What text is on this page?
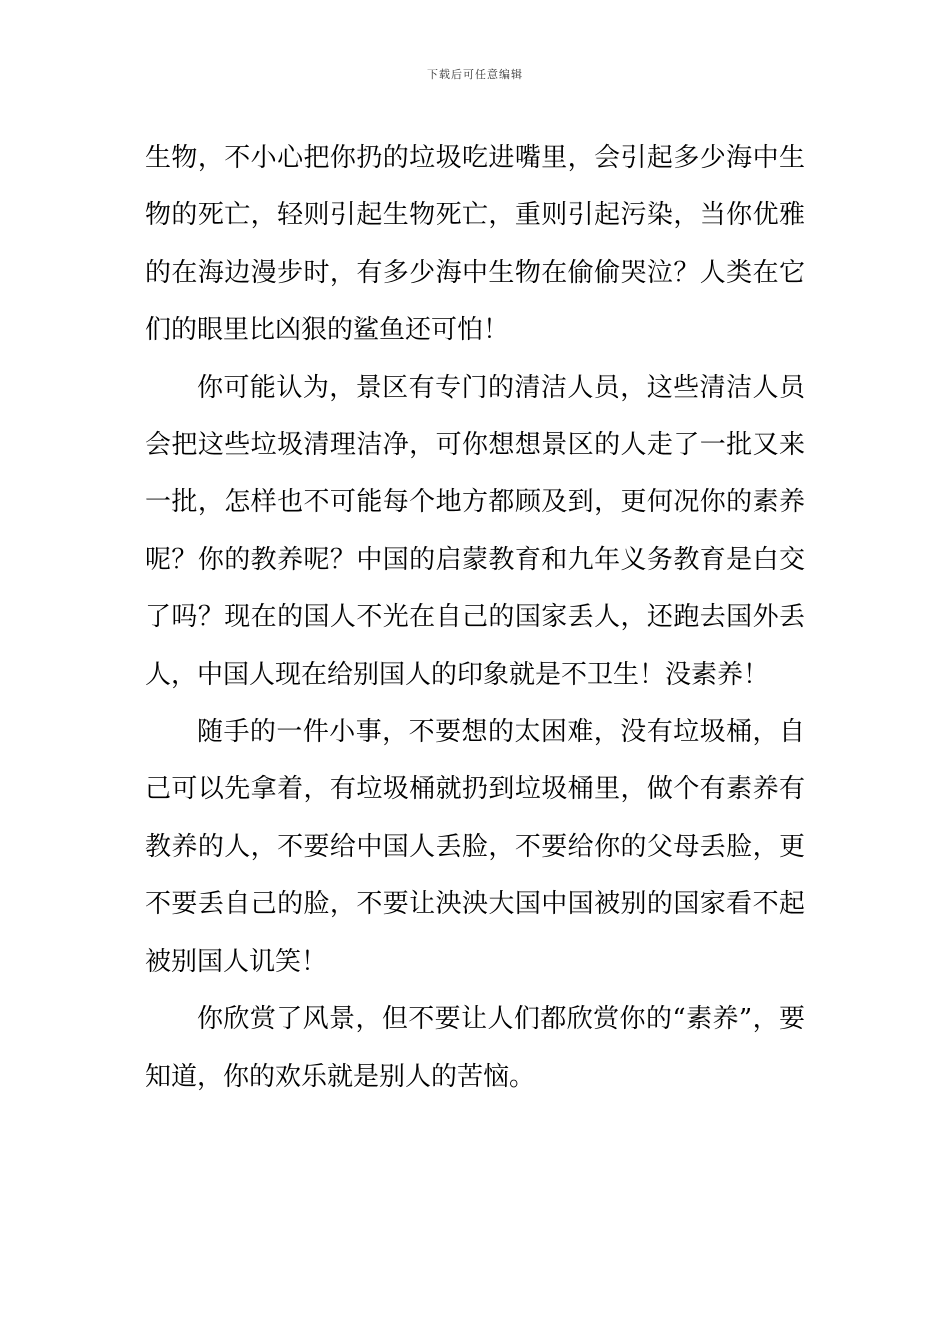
下载后可任意编辑

生物，不小心把你扔的垃圾吃进嘴里，会引起多少海中生物的死亡，轻则引起生物死亡，重则引起污染，当你优雅的在海边漫步时，有多少海中生物在偷偷哭泣？人类在它们的眼里比凶狠的鲨鱼还可怕！

你可能认为，景区有专门的清洁人员，这些清洁人员会把这些垃圾清理洁净，可你想想景区的人走了一批又来一批，怎样也不可能每个地方都顾及到，更何况你的素养呢？你的教养呢？中国的启蒙教育和九年义务教育是白交了吗？现在的国人不光在自己的国家丢人，还跑去国外丢人，中国人现在给别国人的印象就是不卫生！没素养！

随手的一件小事，不要想的太困难，没有垃圾桶，自己可以先拿着，有垃圾桶就扔到垃圾桶里，做个有素养有教养的人，不要给中国人丢脸，不要给你的父母丢脸，更不要丢自己的脸，不要让泱泱大国中国被别的国家看不起被别国人讥笑！

你欣赏了风景，但不要让人们都欣赏你的“素养”，要知道，你的欢乐就是别人的苦恼。
